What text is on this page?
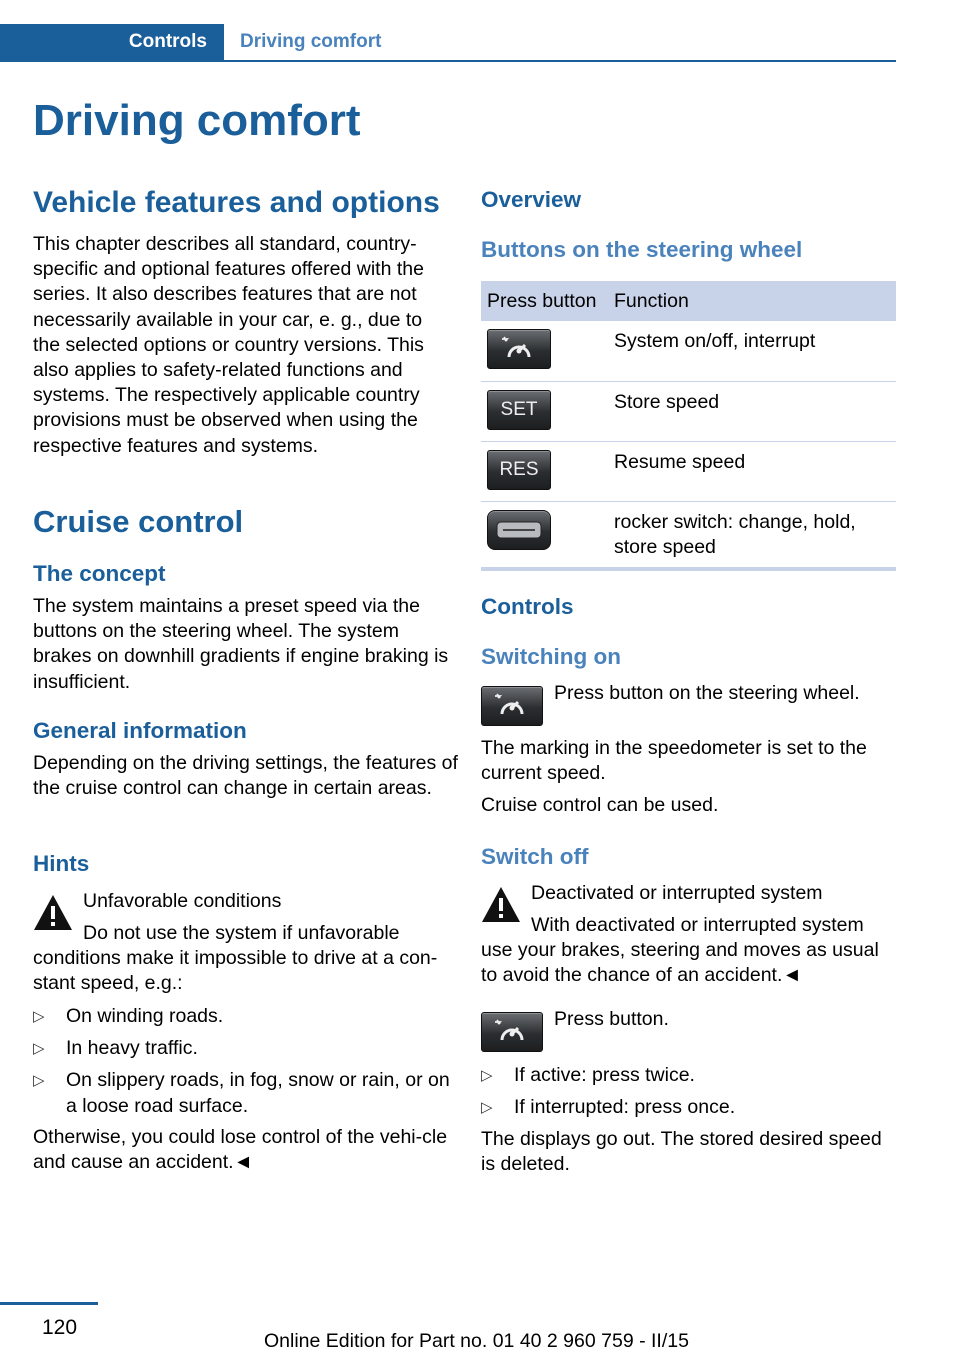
Controls	Driving comfort
Driving comfort
Vehicle features and options
This chapter describes all standard, country-specific and optional features offered with the series. It also describes features that are not necessarily available in your car, e. g., due to the selected options or country versions. This also applies to safety-related functions and systems. The respectively applicable country provisions must be observed when using the respective features and systems.
Cruise control
The concept
The system maintains a preset speed via the buttons on the steering wheel. The system brakes on downhill gradients if engine braking is insufficient.
General information
Depending on the driving settings, the features of the cruise control can change in certain areas.
Hints
Unfavorable conditions
Do not use the system if unfavorable
conditions make it impossible to drive at a con-stant speed, e.g.:
▷ On winding roads.
▷ In heavy traffic.
▷ On slippery roads, in fog, snow or rain, or on a loose road surface.
Otherwise, you could lose control of the vehi-cle and cause an accident.◄
Overview
Buttons on the steering wheel
Press button	Function

	System on/off, interrupt

SET	Store speed

RES	Resume speed

	rocker switch: change, hold, store speed
Controls
Switching on
Press button on the steering wheel.
The marking in the speedometer is set to the current speed.
Cruise control can be used.
Switch off
Deactivated or interrupted system
With deactivated or interrupted system
use your brakes, steering and moves as usual to avoid the chance of an accident.◄
Press button.
▷ If active: press twice.
▷ If interrupted: press once.
The displays go out. The stored desired speed is deleted.
120
Online Edition for Part no. 01 40 2 960 759 - II/15
